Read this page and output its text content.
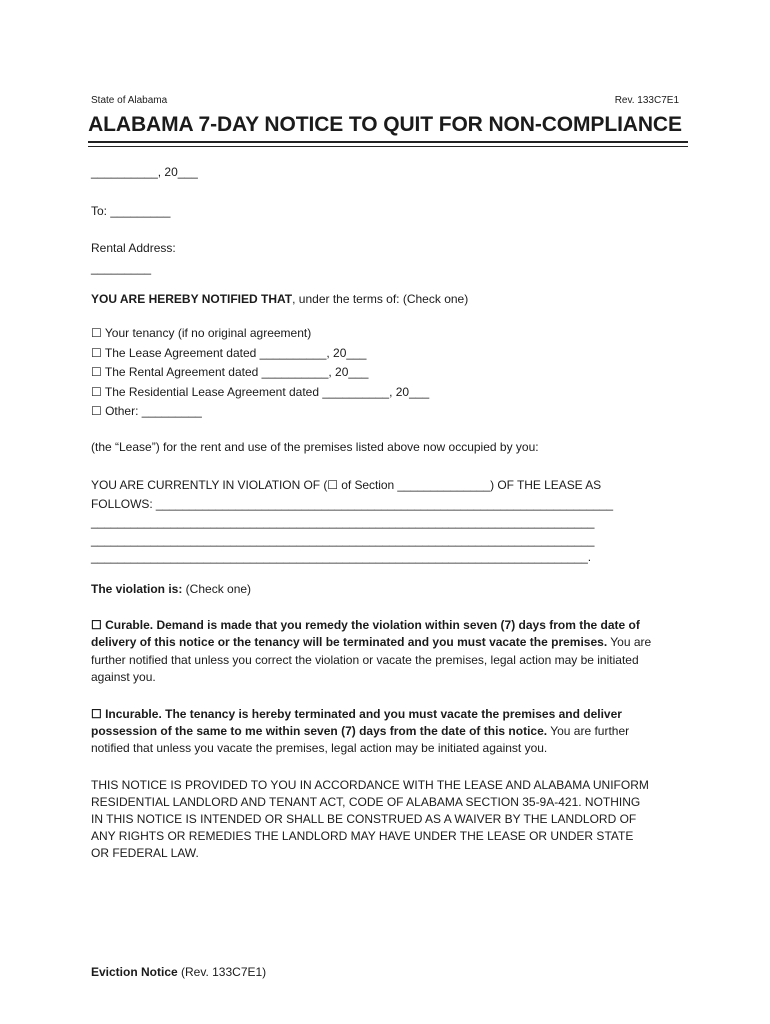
State of Alabama	Rev. 133C7E1
ALABAMA 7-DAY NOTICE TO QUIT FOR NON-COMPLIANCE
__________, 20___
To: _________
Rental Address:
_________
YOU ARE HEREBY NOTIFIED THAT, under the terms of: (Check one)
☐ Your tenancy (if no original agreement)
☐ The Lease Agreement dated __________, 20___
☐ The Rental Agreement dated __________, 20___
☐ The Residential Lease Agreement dated __________, 20___
☐ Other: _________
(the “Lease”) for the rent and use of the premises listed above now occupied by you:
YOU ARE CURRENTLY IN VIOLATION OF (☐ of Section ______________) OF THE LEASE AS
FOLLOWS: _____________________________________________________________________
____________________________________________________________________________
____________________________________________________________________________
___________________________________________________________________________.
The violation is: (Check one)
☐ Curable. Demand is made that you remedy the violation within seven (7) days from the date of
delivery of this notice or the tenancy will be terminated and you must vacate the premises. You are
further notified that unless you correct the violation or vacate the premises, legal action may be initiated
against you.
☐ Incurable. The tenancy is hereby terminated and you must vacate the premises and deliver
possession of the same to me within seven (7) days from the date of this notice. You are further
notified that unless you vacate the premises, legal action may be initiated against you.
THIS NOTICE IS PROVIDED TO YOU IN ACCORDANCE WITH THE LEASE AND ALABAMA UNIFORM
RESIDENTIAL LANDLORD AND TENANT ACT, CODE OF ALABAMA SECTION 35-9A-421. NOTHING
IN THIS NOTICE IS INTENDED OR SHALL BE CONSTRUED AS A WAIVER BY THE LANDLORD OF
ANY RIGHTS OR REMEDIES THE LANDLORD MAY HAVE UNDER THE LEASE OR UNDER STATE
OR FEDERAL LAW.
Eviction Notice (Rev. 133C7E1)
